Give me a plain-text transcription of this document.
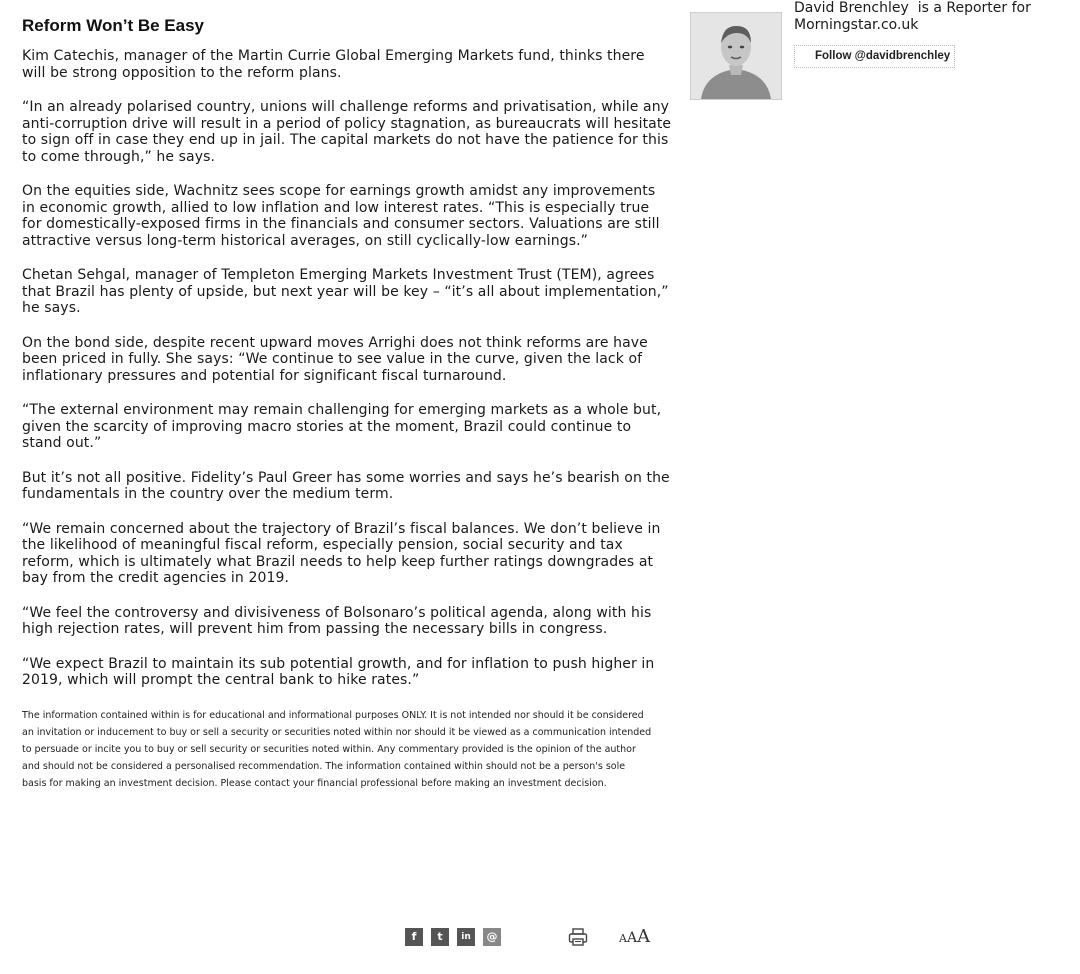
Reform Won’t Be Easy

Kim Catechis, manager of the Martin Currie Global Emerging Markets fund, thinks there will be strong opposition to the reform plans.

“In an already polarised country, unions will challenge reforms and privatisation, while any anti-corruption drive will result in a period of policy stagnation, as bureaucrats will hesitate to sign off in case they end up in jail. The capital markets do not have the patience for this to come through,” he says.

On the equities side, Wachnitz sees scope for earnings growth amidst any improvements in economic growth, allied to low inflation and low interest rates. “This is especially true for domestically-exposed firms in the financials and consumer sectors. Valuations are still attractive versus long-term historical averages, on still cyclically-low earnings.”

Chetan Sehgal, manager of Templeton Emerging Markets Investment Trust (TEM), agrees that Brazil has plenty of upside, but next year will be key – “it’s all about implementation,” he says.

On the bond side, despite recent upward moves Arrighi does not think reforms are have been priced in fully. She says: “We continue to see value in the curve, given the lack of inflationary pressures and potential for significant fiscal turnaround.

“The external environment may remain challenging for emerging markets as a whole but, given the scarcity of improving macro stories at the moment, Brazil could continue to stand out.”

But it’s not all positive. Fidelity’s Paul Greer has some worries and says he’s bearish on the fundamentals in the country over the medium term.

“We remain concerned about the trajectory of Brazil’s fiscal balances. We don’t believe in the likelihood of meaningful fiscal reform, especially pension, social security and tax reform, which is ultimately what Brazil needs to help keep further ratings downgrades at bay from the credit agencies in 2019.

“We feel the controversy and divisiveness of Bolsonaro’s political agenda, along with his high rejection rates, will prevent him from passing the necessary bills in congress.

“We expect Brazil to maintain its sub potential growth, and for inflation to push higher in 2019, which will prompt the central bank to hike rates.”

The information contained within is for educational and informational purposes ONLY. It is not intended nor should it be considered an invitation or inducement to buy or sell a security or securities noted within nor should it be viewed as a communication intended to persuade or incite you to buy or sell security or securities noted within. Any commentary provided is the opinion of the author and should not be considered a personalised recommendation. The information contained within should not be a person's sole basis for making an investment decision. Please contact your financial professional before making an investment decision.
David Brenchley is a Reporter for
Morningstar.co.uk
Follow @davidbrenchley
f	t	in	@	AAA
